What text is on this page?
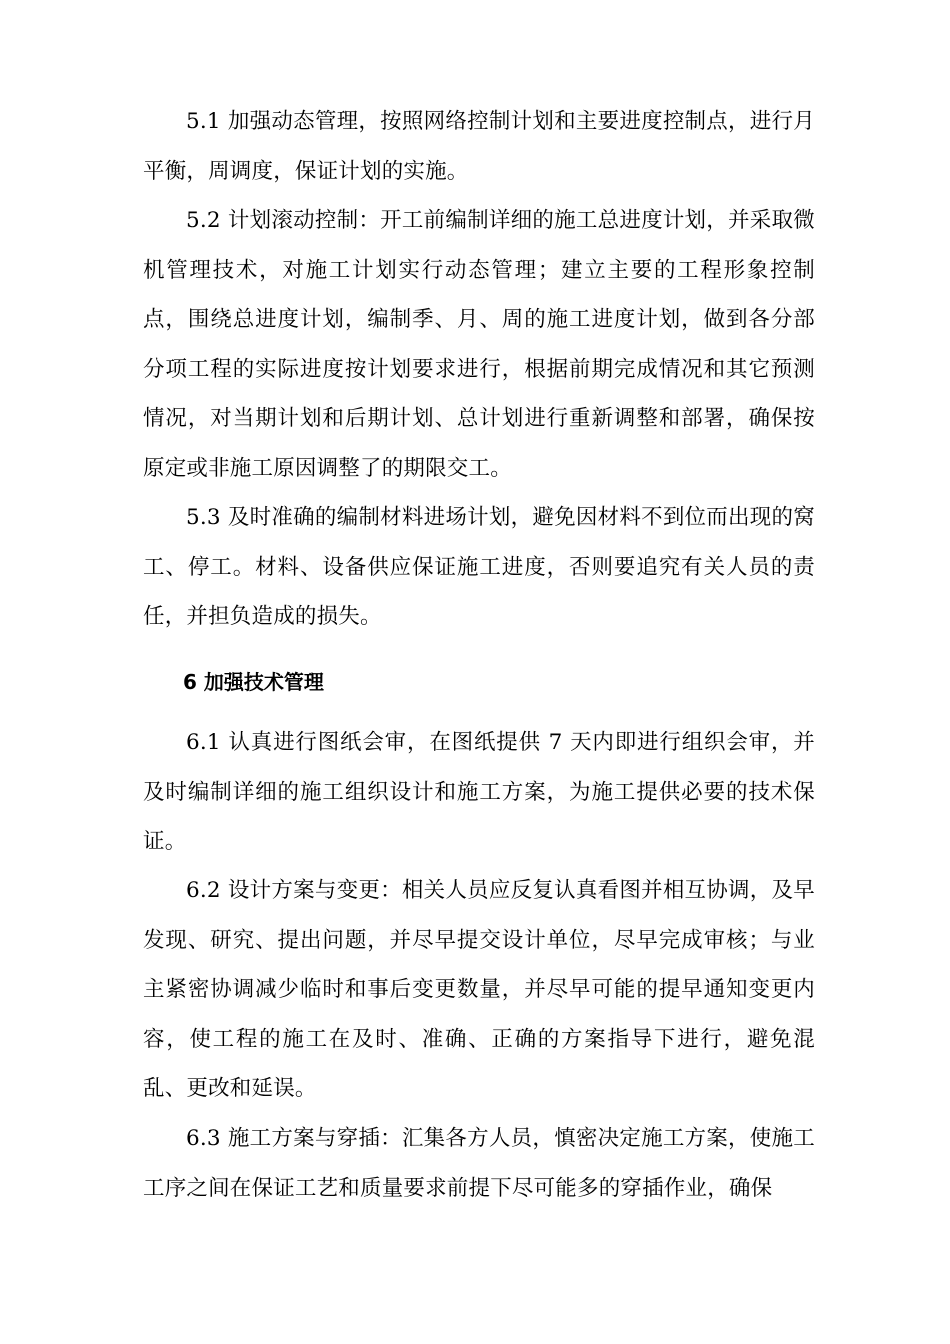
5.1 加强动态管理，按照网络控制计划和主要进度控制点，进行月平衡，周调度，保证计划的实施。

5.2 计划滚动控制：开工前编制详细的施工总进度计划，并采取微机管理技术，对施工计划实行动态管理；建立主要的工程形象控制点，围绕总进度计划，编制季、月、周的施工进度计划，做到各分部分项工程的实际进度按计划要求进行，根据前期完成情况和其它预测情况，对当期计划和后期计划、总计划进行重新调整和部署，确保按原定或非施工原因调整了的期限交工。

5.3 及时准确的编制材料进场计划，避免因材料不到位而出现的窝工、停工。材料、设备供应保证施工进度，否则要追究有关人员的责任，并担负造成的损失。

6 加强技术管理

6.1 认真进行图纸会审，在图纸提供 7 天内即进行组织会审，并及时编制详细的施工组织设计和施工方案，为施工提供必要的技术保证。

6.2 设计方案与变更：相关人员应反复认真看图并相互协调，及早发现、研究、提出问题，并尽早提交设计单位，尽早完成审核；与业主紧密协调减少临时和事后变更数量，并尽早可能的提早通知变更内容，使工程的施工在及时、准确、正确的方案指导下进行，避免混乱、更改和延误。

6.3 施工方案与穿插：汇集各方人员，慎密决定施工方案，使施工工序之间在保证工艺和质量要求前提下尽可能多的穿插作业，确保
